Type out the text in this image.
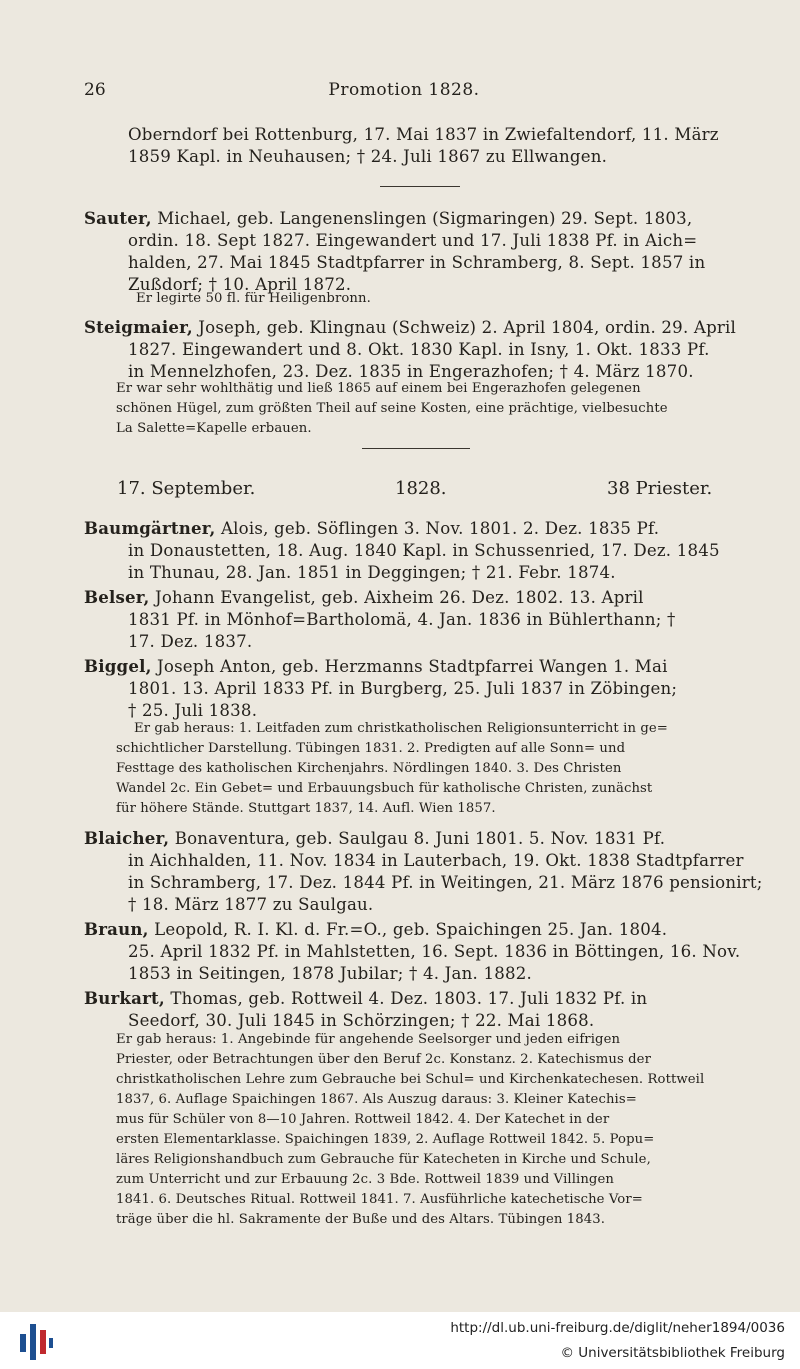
26	Promotion 1828.
Oberndorf bei Rottenburg, 17. Mai 1837 in Zwiefaltendorf, 11. März
1859 Kapl. in Neuhausen; † 24. Juli 1867 zu Ellwangen.
Sauter, Michael, geb. Langenenslingen (Sigmaringen) 29. Sept. 1803,
ordin. 18. Sept 1827. Eingewandert und 17. Juli 1838 Pf. in Aich=
halden, 27. Mai 1845 Stadtpfarrer in Schramberg, 8. Sept. 1857 in
Zußdorf; † 10. April 1872.
Er legirte 50 fl. für Heiligenbronn.
Steigmaier, Joseph, geb. Klingnau (Schweiz) 2. April 1804, ordin. 29. April
1827. Eingewandert und 8. Okt. 1830 Kapl. in Isny, 1. Okt. 1833 Pf.
in Mennelzhofen, 23. Dez. 1835 in Engerazhofen; † 4. März 1870.
Er war sehr wohlthätig und ließ 1865 auf einem bei Engerazhofen gelegenen
schönen Hügel, zum größten Theil auf seine Kosten, eine prächtige, vielbesuchte
La Salette=Kapelle erbauen.
17. September.	1828.	38 Priester.
Baumgärtner, Alois, geb. Söflingen 3. Nov. 1801. 2. Dez. 1835 Pf.
in Donaustetten, 18. Aug. 1840 Kapl. in Schussenried, 17. Dez. 1845
in Thunau, 28. Jan. 1851 in Deggingen; † 21. Febr. 1874.
Belser, Johann Evangelist, geb. Aixheim 26. Dez. 1802. 13. April
1831 Pf. in Mönhof=Bartholomä, 4. Jan. 1836 in Bühlerthann; †
17. Dez. 1837.
Biggel, Joseph Anton, geb. Herzmanns Stadtpfarrei Wangen 1. Mai
1801. 13. April 1833 Pf. in Burgberg, 25. Juli 1837 in Zöbingen;
† 25. Juli 1838.
Er gab heraus: 1. Leitfaden zum christkatholischen Religionsunterricht in ge=
schichtlicher Darstellung. Tübingen 1831. 2. Predigten auf alle Sonn= und
Festtage des katholischen Kirchenjahrs. Nördlingen 1840. 3. Des Christen
Wandel 2c. Ein Gebet= und Erbauungsbuch für katholische Christen, zunächst
für höhere Stände. Stuttgart 1837, 14. Aufl. Wien 1857.
Blaicher, Bonaventura, geb. Saulgau 8. Juni 1801. 5. Nov. 1831 Pf.
in Aichhalden, 11. Nov. 1834 in Lauterbach, 19. Okt. 1838 Stadtpfarrer
in Schramberg, 17. Dez. 1844 Pf. in Weitingen, 21. März 1876 pensionirt;
† 18. März 1877 zu Saulgau.
Braun, Leopold, R. I. Kl. d. Fr.=O., geb. Spaichingen 25. Jan. 1804.
25. April 1832 Pf. in Mahlstetten, 16. Sept. 1836 in Böttingen, 16. Nov.
1853 in Seitingen, 1878 Jubilar; † 4. Jan. 1882.
Burkart, Thomas, geb. Rottweil 4. Dez. 1803. 17. Juli 1832 Pf. in
Seedorf, 30. Juli 1845 in Schörzingen; † 22. Mai 1868.
Er gab heraus: 1. Angebinde für angehende Seelsorger und jeden eifrigen
Priester, oder Betrachtungen über den Beruf 2c. Konstanz. 2. Katechismus der
christkatholischen Lehre zum Gebrauche bei Schul= und Kirchenkatechesen. Rottweil
1837, 6. Auflage Spaichingen 1867. Als Auszug daraus: 3. Kleiner Katechis=
mus für Schüler von 8—10 Jahren. Rottweil 1842. 4. Der Katechet in der
ersten Elementarklasse. Spaichingen 1839, 2. Auflage Rottweil 1842. 5. Popu=
läres Religionshandbuch zum Gebrauche für Katecheten in Kirche und Schule,
zum Unterricht und zur Erbauung 2c. 3 Bde. Rottweil 1839 und Villingen
1841. 6. Deutsches Ritual. Rottweil 1841. 7. Ausführliche katechetische Vor=
träge über die hl. Sakramente der Buße und des Altars. Tübingen 1843.
http://dl.ub.uni-freiburg.de/diglit/neher1894/0036
© Universitätsbibliothek Freiburg
